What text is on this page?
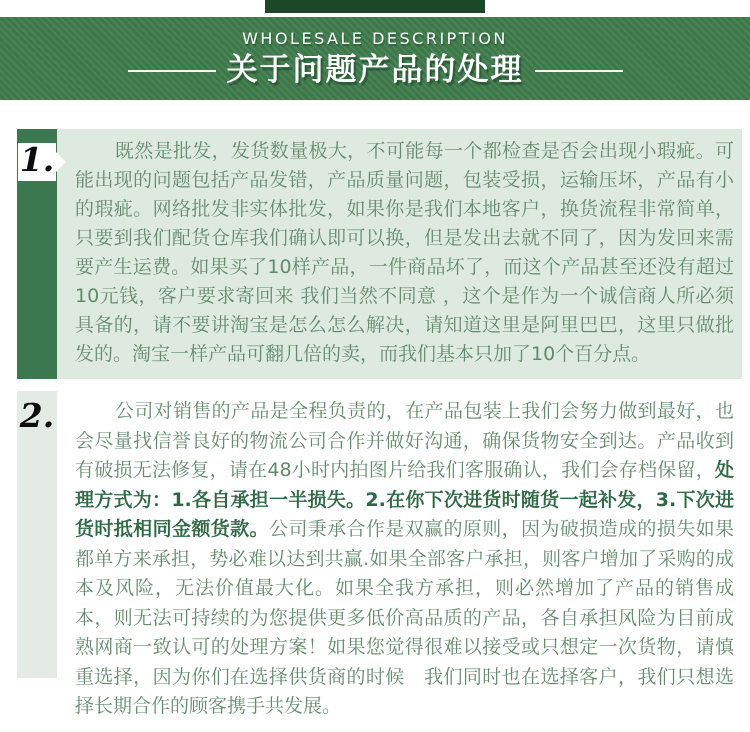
WHOLESALE DESCRIPTION
关于问题产品的处理
1.	既然是批发，发货数量极大，不可能每一个都检查是否会出现小瑕疵。可能出现的问题包括产品发错，产品质量问题，包装受损，运输压坏，产品有小的瑕疵。网络批发非实体批发，如果你是我们本地客户，换货流程非常简单，只要到我们配货仓库我们确认即可以换，但是发出去就不同了，因为发回来需要产生运费。如果买了10样产品，一件商品坏了，而这个产品甚至还没有超过10元钱，客户要求寄回来 我们当然不同意 ，这个是作为一个诚信商人所必须具备的，请不要讲淘宝是怎么怎么解决，请知道这里是阿里巴巴，这里只做批发的。淘宝一样产品可翻几倍的卖，而我们基本只加了10个百分点。

2.	公司对销售的产品是全程负责的，在产品包装上我们会努力做到最好，也会尽量找信誉良好的物流公司合作并做好沟通，确保货物安全到达。产品收到有破损无法修复，请在48小时内拍图片给我们客服确认，我们会存档保留，处理方式为：1.各自承担一半损失。2.在你下次进货时随货一起补发，3.下次进货时抵相同金额货款。公司秉承合作是双赢的原则，因为破损造成的损失如果都单方来承担，势必难以达到共赢.如果全部客户承担，则客户增加了采购的成本及风险，无法价值最大化。如果全我方承担，则必然增加了产品的销售成本，则无法可持续的为您提供更多低价高品质的产品，各自承担风险为目前成熟网商一致认可的处理方案！如果您觉得很难以接受或只想定一次货物，请慎重选择，因为你们在选择供货商的时候　我们同时也在选择客户，我们只想选择长期合作的顾客携手共发展。
